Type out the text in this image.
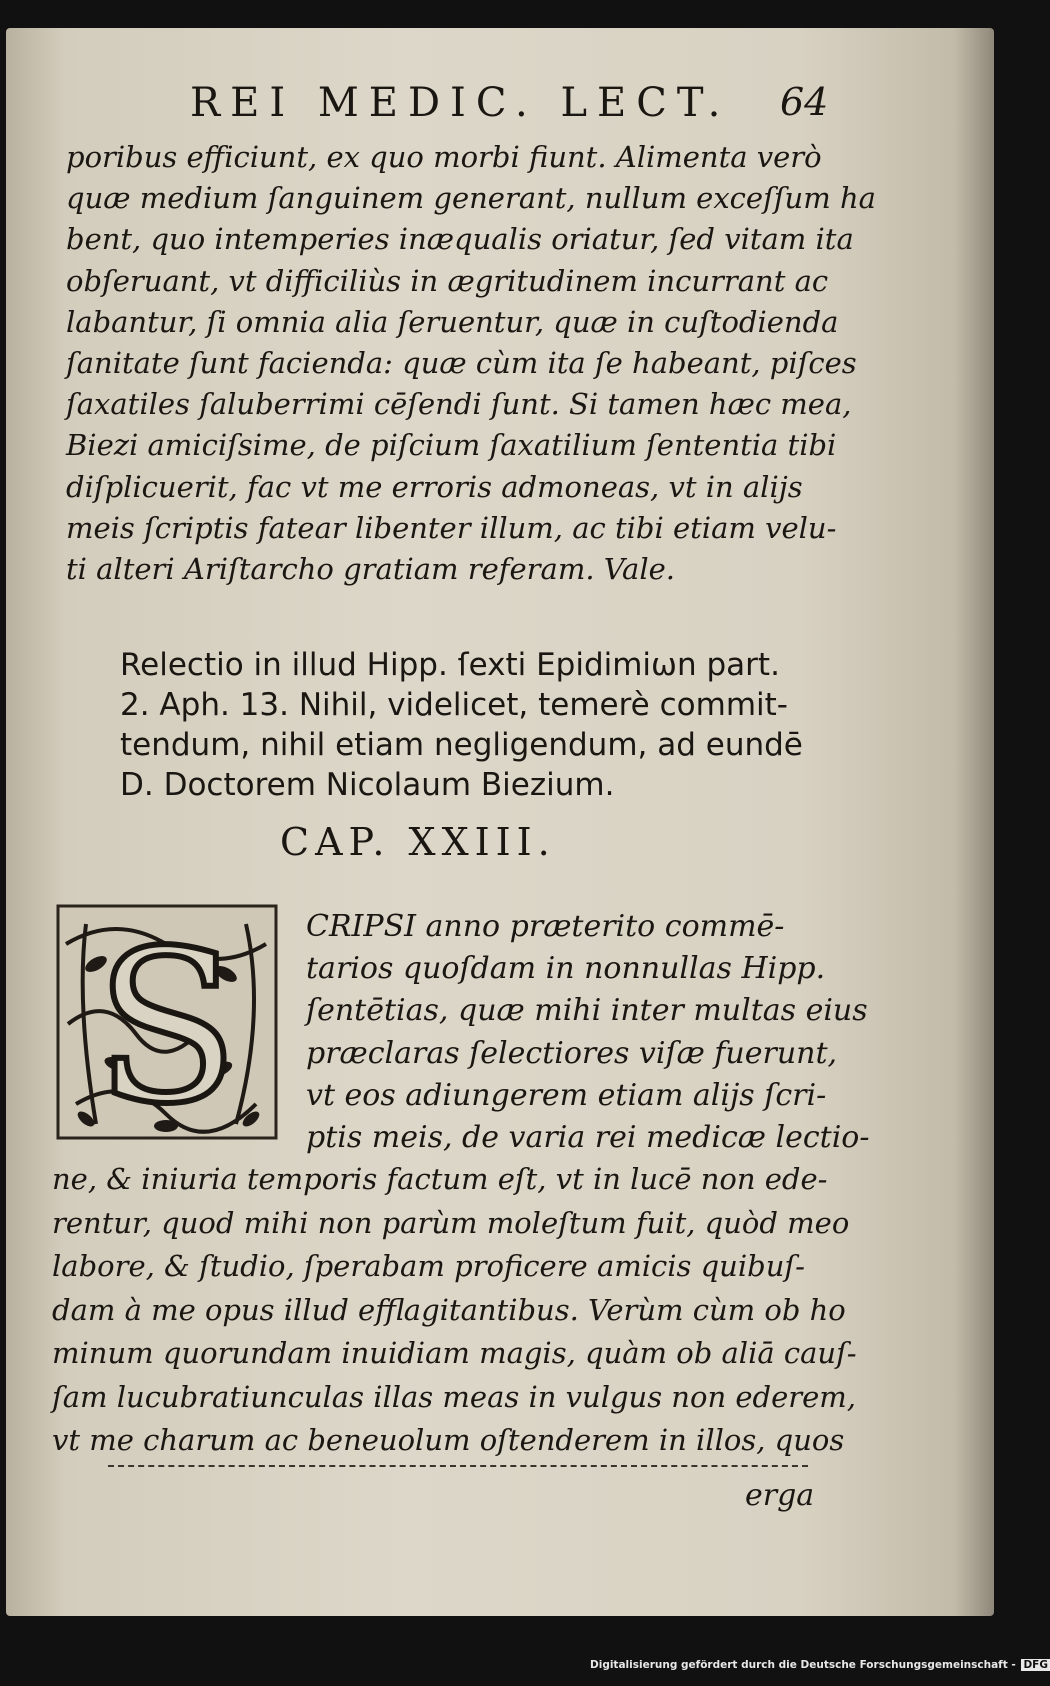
REI MEDIC. LECT. 64
poribus efficiunt, ex quo morbi fiunt. Alimenta verò
quæ medium ſanguinem generant, nullum exceſſum ha
bent, quo intemperies inæqualis oriatur, ſed vitam ita
obſeruant, vt difficiliùs in ægritudinem incurrant ac
labantur, ſi omnia alia ſeruentur, quæ in cuſtodienda
ſanitate ſunt facienda: quæ cùm ita ſe habeant, piſces
ſaxatiles ſaluberrimi cēſendi ſunt. Si tamen hæc mea,
Biezi amiciſsime, de piſcium ſaxatilium ſententia tibi
diſplicuerit, fac vt me erroris admoneas, vt in alijs
meis ſcriptis fatear libenter illum, ac tibi etiam velu-
ti alteri Ariſtarcho gratiam referam. Vale.
Relectio in illud Hipp. ſexti Epidimiωn part.
2. Aph. 13. Nihil, videlicet, temerè commit-
tendum, nihil etiam negligendum, ad eundē
D. Doctorem Nicolaum Biezium.
CAP. XXIII.
S CRIPSI anno præterito commē-
tarios quoſdam in nonnullas Hipp.
ſentētias, quæ mihi inter multas eius
præclaras ſelectiores viſæ fuerunt,
vt eos adiungerem etiam alijs ſcri-
ptis meis, de varia rei medicæ lectio-
ne, & iniuria temporis factum eſt, vt in lucē non ede-
rentur, quod mihi non parùm moleſtum fuit, quòd meo
labore, & ſtudio, ſperabam proficere amicis quibuſ-
dam à me opus illud efflagitantibus. Verùm cùm ob ho
minum quorundam inuidiam magis, quàm ob aliā cauſ-
ſam lucubratiunculas illas meas in vulgus non ederem,
vt me charum ac beneuolum oſtenderem in illos, quos
erga
Digitalisierung gefördert durch die Deutsche Forschungsgemeinschaft - DFG
